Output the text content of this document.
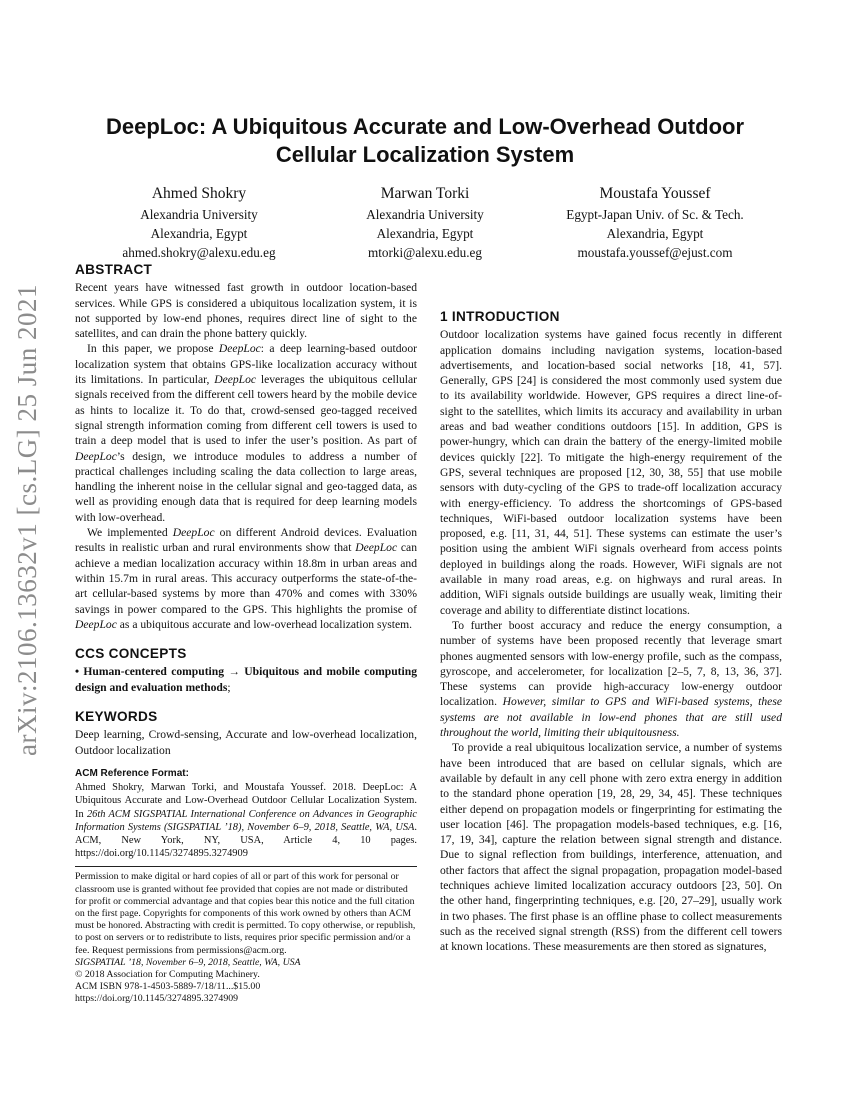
arXiv:2106.13632v1 [cs.LG] 25 Jun 2021
DeepLoc: A Ubiquitous Accurate and Low-Overhead Outdoor Cellular Localization System
Ahmed Shokry
Alexandria University
Alexandria, Egypt
ahmed.shokry@alexu.edu.eg
Marwan Torki
Alexandria University
Alexandria, Egypt
mtorki@alexu.edu.eg
Moustafa Youssef
Egypt-Japan Univ. of Sc. & Tech.
Alexandria, Egypt
moustafa.youssef@ejust.com
ABSTRACT

Recent years have witnessed fast growth in outdoor location-based services. While GPS is considered a ubiquitous localization system, it is not supported by low-end phones, requires direct line of sight to the satellites, and can drain the phone battery quickly.

In this paper, we propose DeepLoc: a deep learning-based outdoor localization system that obtains GPS-like localization accuracy without its limitations. In particular, DeepLoc leverages the ubiquitous cellular signals received from the different cell towers heard by the mobile device as hints to localize it. To do that, crowd-sensed geo-tagged received signal strength information coming from different cell towers is used to train a deep model that is used to infer the user’s position. As part of DeepLoc’s design, we introduce modules to address a number of practical challenges including scaling the data collection to large areas, handling the inherent noise in the cellular signal and geo-tagged data, as well as providing enough data that is required for deep learning models with low-overhead.

We implemented DeepLoc on different Android devices. Evaluation results in realistic urban and rural environments show that DeepLoc can achieve a median localization accuracy within 18.8m in urban areas and within 15.7m in rural areas. This accuracy outperforms the state-of-the-art cellular-based systems by more than 470% and comes with 330% savings in power compared to the GPS. This highlights the promise of DeepLoc as a ubiquitous accurate and low-overhead localization system.

CCS CONCEPTS

• Human-centered computing → Ubiquitous and mobile computing design and evaluation methods;

KEYWORDS

Deep learning, Crowd-sensing, Accurate and low-overhead localization, Outdoor localization

ACM Reference Format:

Ahmed Shokry, Marwan Torki, and Moustafa Youssef. 2018. DeepLoc: A Ubiquitous Accurate and Low-Overhead Outdoor Cellular Localization System. In 26th ACM SIGSPATIAL International Conference on Advances in Geographic Information Systems (SIGSPATIAL ’18), November 6–9, 2018, Seattle, WA, USA. ACM, New York, NY, USA, Article 4, 10 pages. https://doi.org/10.1145/3274895.3274909

Permission to make digital or hard copies of all or part of this work for personal or classroom use is granted without fee provided that copies are not made or distributed for profit or commercial advantage and that copies bear this notice and the full citation on the first page. Copyrights for components of this work owned by others than ACM must be honored. Abstracting with credit is permitted. To copy otherwise, or republish, to post on servers or to redistribute to lists, requires prior specific permission and/or a fee. Request permissions from permissions@acm.org.

SIGSPATIAL ’18, November 6–9, 2018, Seattle, WA, USA
© 2018 Association for Computing Machinery.
ACM ISBN 978-1-4503-5889-7/18/11...$15.00
https://doi.org/10.1145/3274895.3274909

1 INTRODUCTION

Outdoor localization systems have gained focus recently in different application domains including navigation systems, location-based advertisements, and location-based social networks [18, 41, 57]. Generally, GPS [24] is considered the most commonly used system due to its availability worldwide. However, GPS requires a direct line-of-sight to the satellites, which limits its accuracy and availability in urban areas and bad weather conditions outdoors [15]. In addition, GPS is power-hungry, which can drain the battery of the energy-limited mobile devices quickly [22]. To mitigate the high-energy requirement of the GPS, several techniques are proposed [12, 30, 38, 55] that use mobile sensors with duty-cycling of the GPS to trade-off localization accuracy with energy-efficiency. To address the shortcomings of GPS-based techniques, WiFi-based outdoor localization systems have been proposed, e.g. [11, 31, 44, 51]. These systems can estimate the user’s position using the ambient WiFi signals overheard from access points deployed in buildings along the roads. However, WiFi signals are not available in many road areas, e.g. on highways and rural areas. In addition, WiFi signals outside buildings are usually weak, limiting their coverage and ability to differentiate distinct locations.

To further boost accuracy and reduce the energy consumption, a number of systems have been proposed recently that leverage smart phones augmented sensors with low-energy profile, such as the compass, gyroscope, and accelerometer, for localization [2–5, 7, 8, 13, 36, 37]. These systems can provide high-accuracy low-energy outdoor localization. However, similar to GPS and WiFi-based systems, these systems are not available in low-end phones that are still used throughout the world, limiting their ubiquitousness.

To provide a real ubiquitous localization service, a number of systems have been introduced that are based on cellular signals, which are available by default in any cell phone with zero extra energy in addition to the standard phone operation [19, 28, 29, 34, 45]. These techniques either depend on propagation models or fingerprinting for estimating the user location [46]. The propagation models-based techniques, e.g. [16, 17, 19, 34], capture the relation between signal strength and distance. Due to signal reflection from buildings, interference, attenuation, and other factors that affect the signal propagation, propagation model-based techniques achieve limited localization accuracy outdoors [23, 50]. On the other hand, fingerprinting techniques, e.g. [20, 27–29], usually work in two phases. The first phase is an offline phase to collect measurements such as the received signal strength (RSS) from the different cell towers at known locations. These measurements are then stored as signatures,
